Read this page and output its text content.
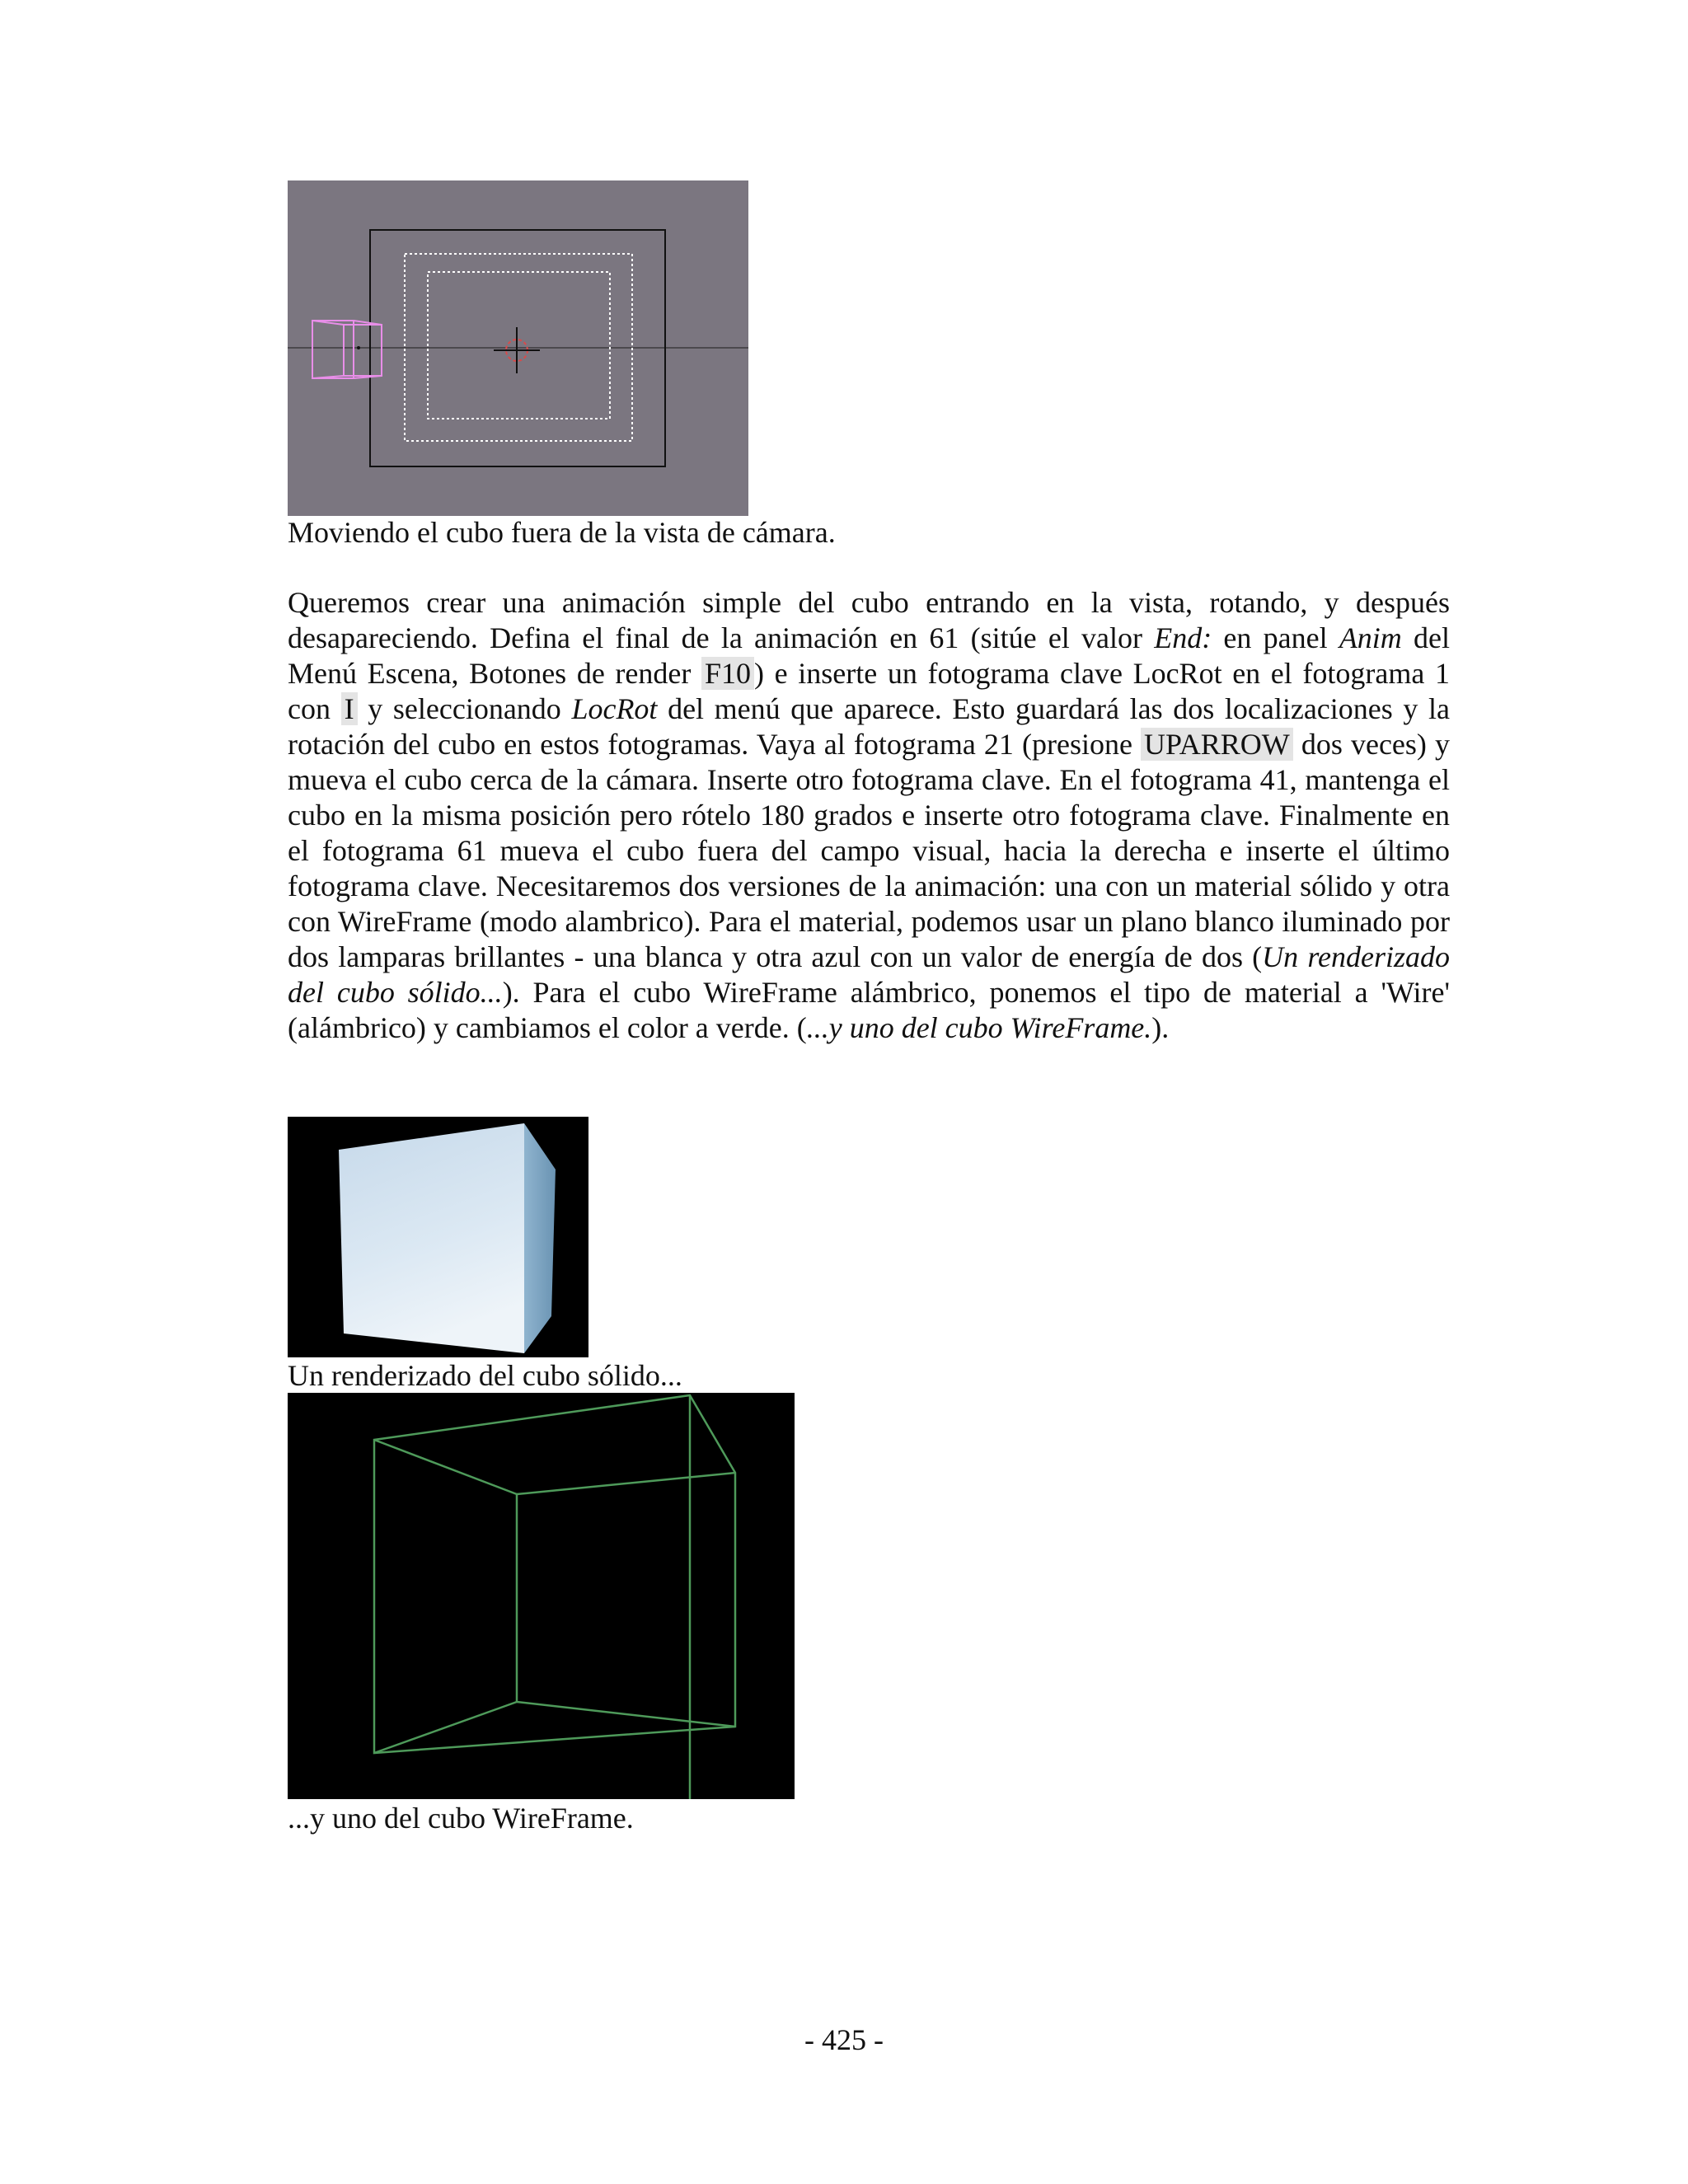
Moviendo el cubo fuera de la vista de cámara.

Queremos crear una animación simple del cubo entrando en la vista, rotando, y después desapareciendo. Defina el final de la animación en 61 (sitúe el valor End: en panel Anim del Menú Escena, Botones de render F10 ) e inserte un fotograma clave LocRot en el fotograma 1 con I y seleccionando LocRot del menú que aparece. Esto guardará las dos localizaciones y la rotación del cubo en estos fotogramas. Vaya al fotograma 21 (presione UPARROW dos veces) y mueva el cubo cerca de la cámara. Inserte otro fotograma clave. En el fotograma 41, mantenga el cubo en la misma posición pero rótelo 180 grados e inserte otro fotograma clave. Finalmente en el fotograma 61 mueva el cubo fuera del campo visual, hacia la derecha e inserte el último fotograma clave. Necesitaremos dos versiones de la animación: una con un material sólido y otra con WireFrame (modo alambrico). Para el material, podemos usar un plano blanco iluminado por dos lamparas brillantes - una blanca y otra azul con un valor de energía de dos (Un renderizado del cubo sólido...). Para el cubo WireFrame alámbrico, ponemos el tipo de material a 'Wire' (alámbrico) y cambiamos el color a verde. (...y uno del cubo WireFrame.).

Un renderizado del cubo sólido...
...y uno del cubo WireFrame.
- 425 -
